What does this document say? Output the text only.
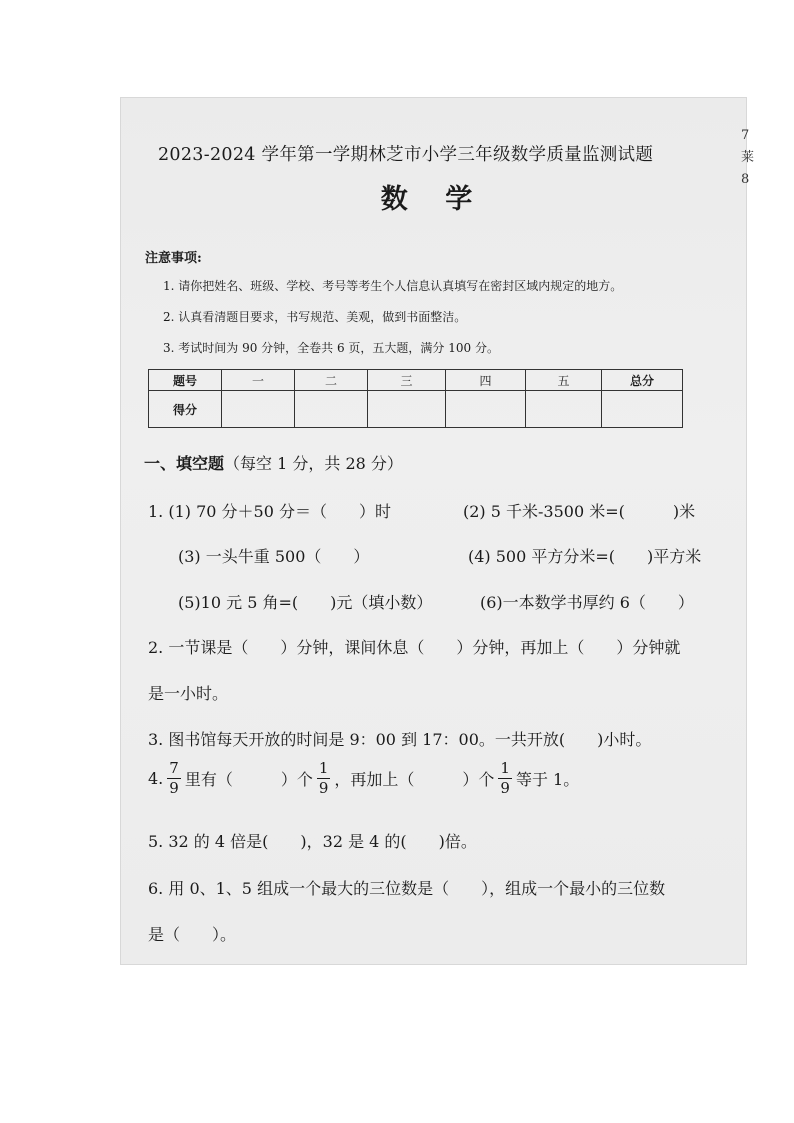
7
莱
8
2023-2024 学年第一学期林芝市小学三年级数学质量监测试题
数 学
注意事项:
1. 请你把姓名、班级、学校、考号等考生个人信息认真填写在密封区域内规定的地方。
2. 认真看清题目要求，书写规范、美观，做到书面整洁。
3. 考试时间为 90 分钟，全卷共 6 页，五大题，满分 100 分。
题号	一	二	三	四	五	总分
得分						
一、填空题（每空 1 分，共 28 分）
1. (1) 70 分＋50 分＝（　　）时	(2) 5 千米-3500 米=(　　　)米
(3) 一头牛重 500（　　）	(4) 500 平方分米=(　　)平方米
(5)10 元 5 角=(　　)元（填小数）	(6)一本数学书厚约 6（　　）
2. 一节课是（　　）分钟，课间休息（　　）分钟，再加上（　　）分钟就
是一小时。
3. 图书馆每天开放的时间是 9：00 到 17：00。一共开放(　　)小时。
4. $\frac{7}{9}$ 里有（　　　）个 $\frac{1}{9}$ ，再加上（　　　）个 $\frac{1}{9}$ 等于 1。
5. 32 的 4 倍是(　　)，32 是 4 的(　　)倍。
6. 用 0、1、5 组成一个最大的三位数是（　　），组成一个最小的三位数
是（　　）。
